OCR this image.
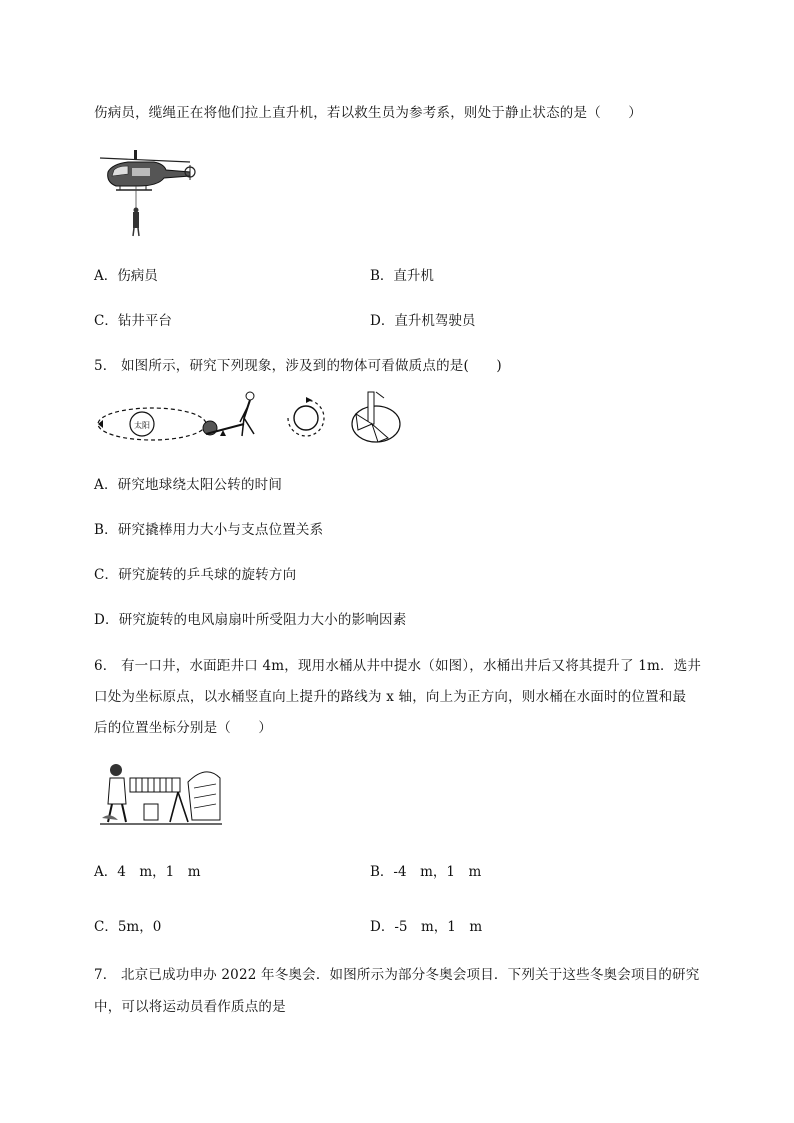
伤病员，缆绳正在将他们拉上直升机，若以救生员为参考系，则处于静止状态的是（　　）
A．伤病员	B．直升机
C．钻井平台	D．直升机驾驶员
5． 如图所示，研究下列现象，涉及到的物体可看做质点的是(　　)
太阳
A．研究地球绕太阳公转的时间
B．研究撬棒用力大小与支点位置关系
C．研究旋转的乒乓球的旋转方向
D．研究旋转的电风扇扇叶所受阻力大小的影响因素
6． 有一口井，水面距井口 4m，现用水桶从井中提水（如图），水桶出井后又将其提升了 1m．选井
口处为坐标原点，以水桶竖直向上提升的路线为 x 轴，向上为正方向，则水桶在水面时的位置和最
后的位置坐标分别是（　　）
A．4　m，1　m	B．-4　m，1　m
C．5m，0	D．-5　m，1　m
7． 北京已成功申办 2022 年冬奥会．如图所示为部分冬奥会项目．下列关于这些冬奥会项目的研究
中，可以将运动员看作质点的是
